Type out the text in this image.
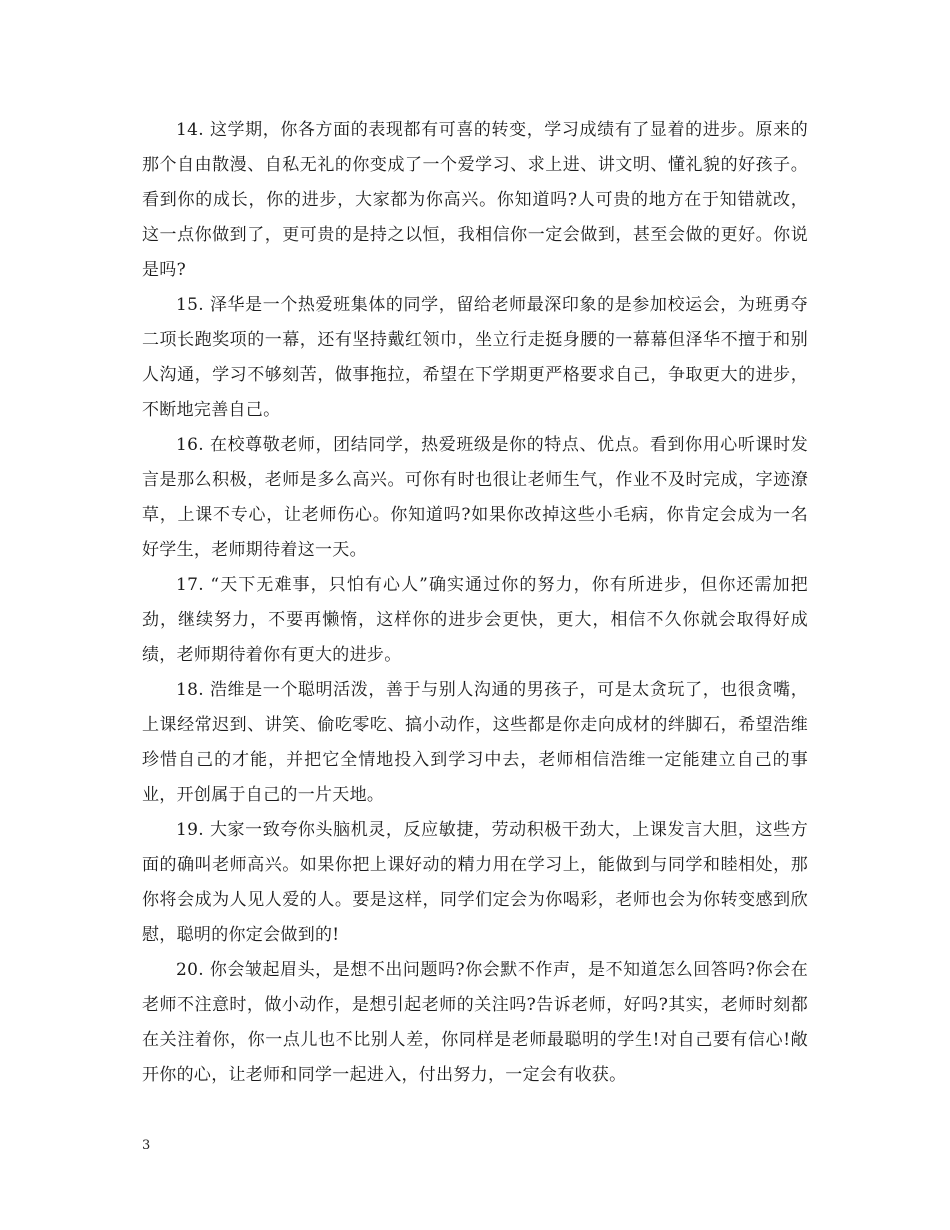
14. 这学期，你各方面的表现都有可喜的转变，学习成绩有了显着的进步。原来的那个自由散漫、自私无礼的你变成了一个爱学习、求上进、讲文明、懂礼貌的好孩子。看到你的成长，你的进步，大家都为你高兴。你知道吗?人可贵的地方在于知错就改，这一点你做到了，更可贵的是持之以恒，我相信你一定会做到，甚至会做的更好。你说是吗?

15. 泽华是一个热爱班集体的同学，留给老师最深印象的是参加校运会，为班勇夺二项长跑奖项的一幕，还有坚持戴红领巾，坐立行走挺身腰的一幕幕但泽华不擅于和别人沟通，学习不够刻苦，做事拖拉，希望在下学期更严格要求自己，争取更大的进步，不断地完善自己。

16. 在校尊敬老师，团结同学，热爱班级是你的特点、优点。看到你用心听课时发言是那么积极，老师是多么高兴。可你有时也很让老师生气，作业不及时完成，字迹潦草，上课不专心，让老师伤心。你知道吗?如果你改掉这些小毛病，你肯定会成为一名好学生，老师期待着这一天。

17. “天下无难事，只怕有心人”确实通过你的努力，你有所进步，但你还需加把劲，继续努力，不要再懒惰，这样你的进步会更快，更大，相信不久你就会取得好成绩，老师期待着你有更大的进步。

18. 浩维是一个聪明活泼，善于与别人沟通的男孩子，可是太贪玩了，也很贪嘴，上课经常迟到、讲笑、偷吃零吃、搞小动作，这些都是你走向成材的绊脚石，希望浩维珍惜自己的才能，并把它全情地投入到学习中去，老师相信浩维一定能建立自己的事业，开创属于自己的一片天地。

19. 大家一致夸你头脑机灵，反应敏捷，劳动积极干劲大，上课发言大胆，这些方面的确叫老师高兴。如果你把上课好动的精力用在学习上，能做到与同学和睦相处，那你将会成为人见人爱的人。要是这样，同学们定会为你喝彩，老师也会为你转变感到欣慰，聪明的你定会做到的!

20. 你会皱起眉头，是想不出问题吗?你会默不作声，是不知道怎么回答吗?你会在老师不注意时，做小动作，是想引起老师的关注吗?告诉老师，好吗?其实，老师时刻都在关注着你，你一点儿也不比别人差，你同样是老师最聪明的学生!对自己要有信心!敞开你的心，让老师和同学一起进入，付出努力，一定会有收获。

3
